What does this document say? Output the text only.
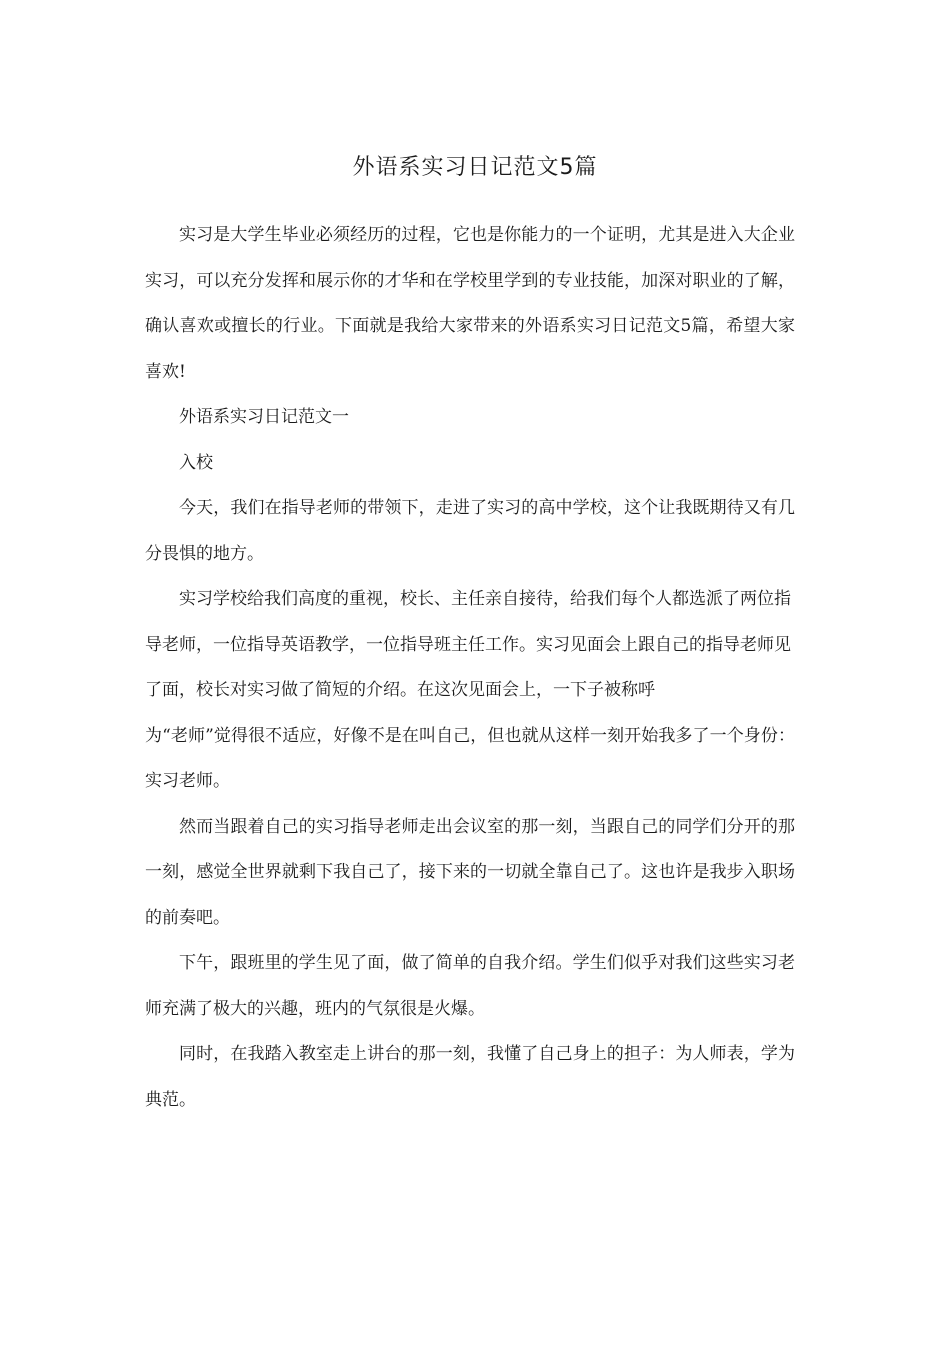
外语系实习日记范文5篇

实习是大学生毕业必须经历的过程，它也是你能力的一个证明，尤其是进入大企业实习，可以充分发挥和展示你的才华和在学校里学到的专业技能，加深对职业的了解，确认喜欢或擅长的行业。下面就是我给大家带来的外语系实习日记范文5篇，希望大家喜欢!

外语系实习日记范文一

入校

今天，我们在指导老师的带领下，走进了实习的高中学校，这个让我既期待又有几分畏惧的地方。

实习学校给我们高度的重视，校长、主任亲自接待，给我们每个人都选派了两位指导老师，一位指导英语教学，一位指导班主任工作。实习见面会上跟自己的指导老师见了面，校长对实习做了简短的介绍。在这次见面会上，一下子被称呼

为“老师”觉得很不适应，好像不是在叫自己，但也就从这样一刻开始我多了一个身份：实习老师。

然而当跟着自己的实习指导老师走出会议室的那一刻，当跟自己的同学们分开的那一刻，感觉全世界就剩下我自己了，接下来的一切就全靠自己了。这也许是我步入职场的前奏吧。

下午，跟班里的学生见了面，做了简单的自我介绍。学生们似乎对我们这些实习老师充满了极大的兴趣，班内的气氛很是火爆。

同时，在我踏入教室走上讲台的那一刻，我懂了自己身上的担子：为人师表，学为典范。
